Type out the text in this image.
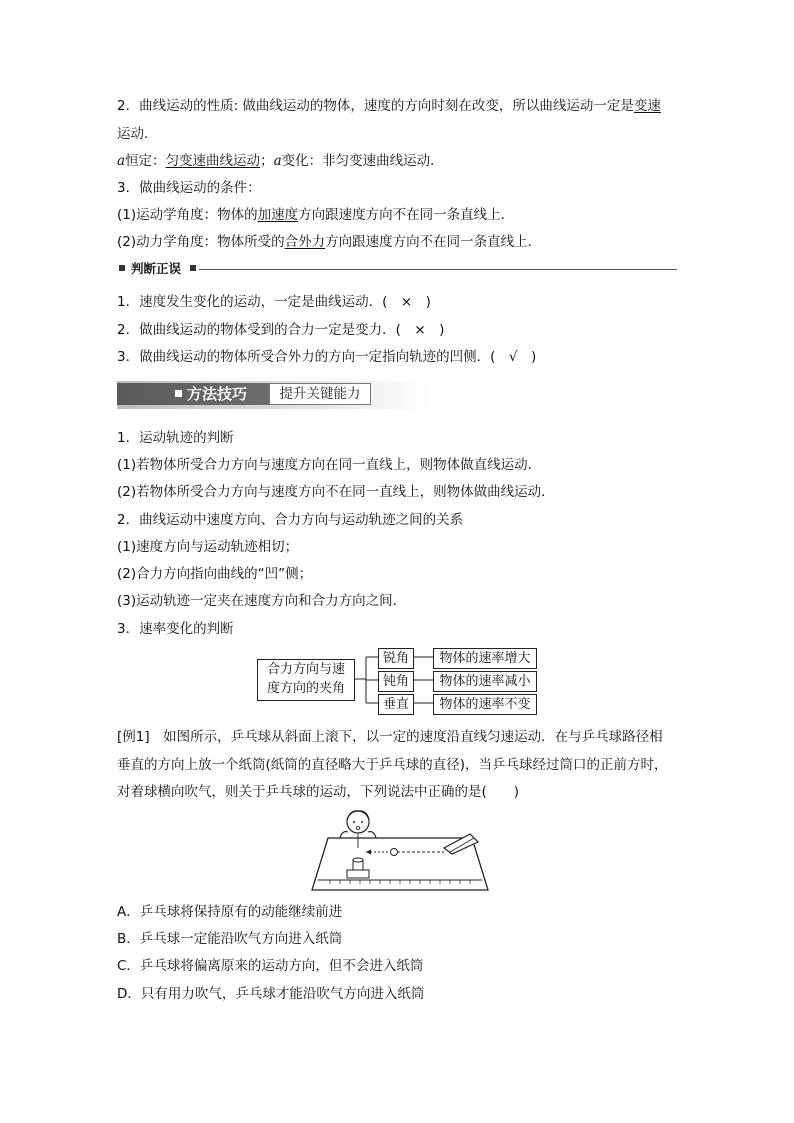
2．曲线运动的性质: 做曲线运动的物体，速度的方向时刻在改变，所以曲线运动一定是变速
运动．
a恒定：匀变速曲线运动；a变化：非匀变速曲线运动．
3．做曲线运动的条件：
(1)运动学角度：物体的加速度方向跟速度方向不在同一条直线上．
(2)动力学角度：物体所受的合外力方向跟速度方向不在同一条直线上．
判断正误
1．速度发生变化的运动，一定是曲线运动．(　×　)
2．做曲线运动的物体受到的合力一定是变力．(　×　)
3．做曲线运动的物体所受合外力的方向一定指向轨迹的凹侧．(　√　)
方法技巧	提升关键能力
1．运动轨迹的判断
(1)若物体所受合力方向与速度方向在同一直线上，则物体做直线运动．
(2)若物体所受合力方向与速度方向不在同一直线上，则物体做曲线运动．
2．曲线运动中速度方向、合力方向与运动轨迹之间的关系
(1)速度方向与运动轨迹相切；
(2)合力方向指向曲线的“凹”侧；
(3)运动轨迹一定夹在速度方向和合力方向之间．
3．速率变化的判断
合力方向与速
度方向的夹角
锐角
钝角
垂直
物体的速率增大
物体的速率减小
物体的速率不变
[例1]　如图所示，乒乓球从斜面上滚下，以一定的速度沿直线匀速运动．在与乒乓球路径相
垂直的方向上放一个纸筒(纸筒的直径略大于乒乓球的直径)，当乒乓球经过筒口的正前方时，
对着球横向吹气，则关于乒乓球的运动，下列说法中正确的是(　　)
A．乒乓球将保持原有的动能继续前进
B．乒乓球一定能沿吹气方向进入纸筒
C．乒乓球将偏离原来的运动方向，但不会进入纸筒
D．只有用力吹气，乒乓球才能沿吹气方向进入纸筒
